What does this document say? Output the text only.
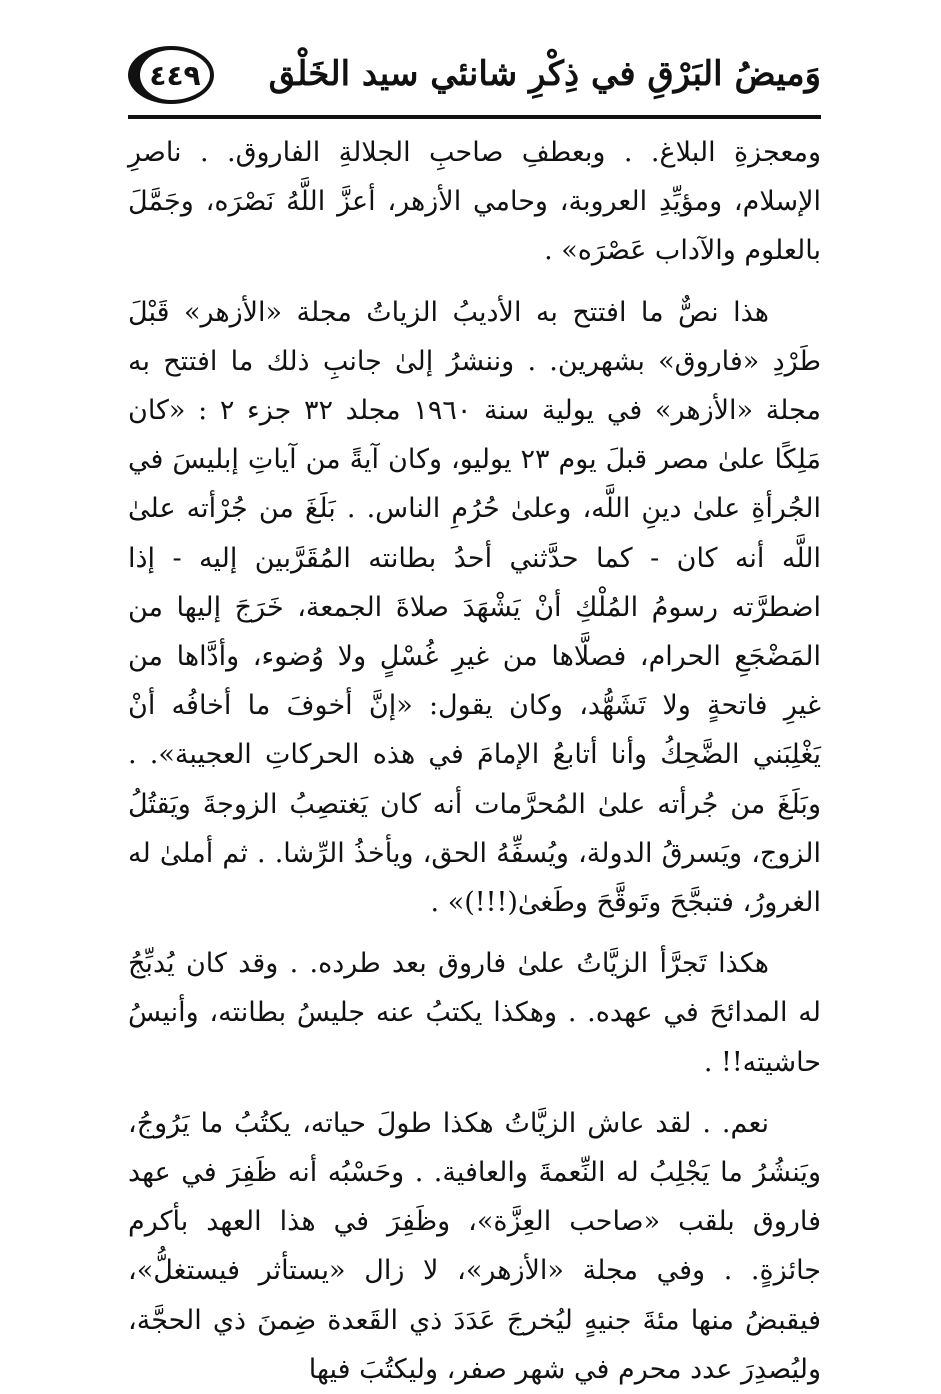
٤٤٩ وَميضُ البَرْقِ في ذِكْرِ شانئي سيد الخَلْق

ومعجزةِ البلاغ. . وبعطفِ صاحبِ الجلالةِ الفاروق. . ناصرِ الإسلام، ومؤيِّدِ العروبة، وحامي الأزهر، أعزَّ اللَّهُ نَصْرَه، وجَمَّلَ بالعلوم والآداب عَصْرَه» .

هذا نصٌّ ما افتتح به الأديبُ الزياتُ مجلة «الأزهر» قَبْلَ طَرْدِ «فاروق» بشهرين. . وننشرُ إلىٰ جانبِ ذلك ما افتتح به مجلة «الأزهر» في يولية سنة ١٩٦٠ مجلد ٣٢ جزء ٢ : «كان مَلِكًا علىٰ مصر قبلَ يوم ٢٣ يوليو، وكان آيةً من آياتِ إبليسَ في الجُرأةِ علىٰ دينِ اللَّه، وعلىٰ حُرُمِ الناس. . بَلَغَ من جُرْأته علىٰ اللَّه أنه كان - كما حدَّثني أحدُ بطانته المُقَرَّبين إليه - إذا اضطرَّته رسومُ المُلْكِ أنْ يَشْهَدَ صلاةَ الجمعة، خَرَجَ إليها من المَضْجَعِ الحرام، فصلَّاها من غيرِ غُسْلٍ ولا وُضوء، وأدَّاها من غيرِ فاتحةٍ ولا تَشَهُّد، وكان يقول: «إنَّ أخوفَ ما أخافُه أنْ يَغْلِبَني الضَّحِكُ وأنا أتابعُ الإمامَ في هذه الحركاتِ العجيبة». . وبَلَغَ من جُرأته علىٰ المُحرَّمات أنه كان يَغتصِبُ الزوجةَ ويَقتُلُ الزوج، ويَسرقُ الدولة، ويُسفِّهُ الحق، ويأخذُ الرِّشا. . ثم أملىٰ له الغرورُ، فتبجَّحَ وتَوقَّحَ وطَغىٰ(!!!)» .

هكذا تَجرَّأ الزيَّاتُ علىٰ فاروق بعد طرده. . وقد كان يُدبِّجُ له المدائحَ في عهده. . وهكذا يكتبُ عنه جليسُ بطانته، وأنيسُ حاشيته!! .

نعم. . لقد عاش الزيَّاتُ هكذا طولَ حياته، يكتُبُ ما يَرُوجُ، ويَنشُرُ ما يَجْلِبُ له النِّعمةَ والعافية. . وحَسْبُه أنه ظَفِرَ في عهد فاروق بلقب «صاحب العِزَّة»، وظَفِرَ في هذا العهد بأكرم جائزةٍ. . وفي مجلة «الأزهر»، لا زال «يستأثر فيستغلُّ»، فيقبضُ منها مئةَ جنيهٍ ليُخرجَ عَدَدَ ذي القَعدة ضِمنَ ذي الحجَّة، وليُصدِرَ عدد محرم في شهر صفر، وليكتُبَ فيها
